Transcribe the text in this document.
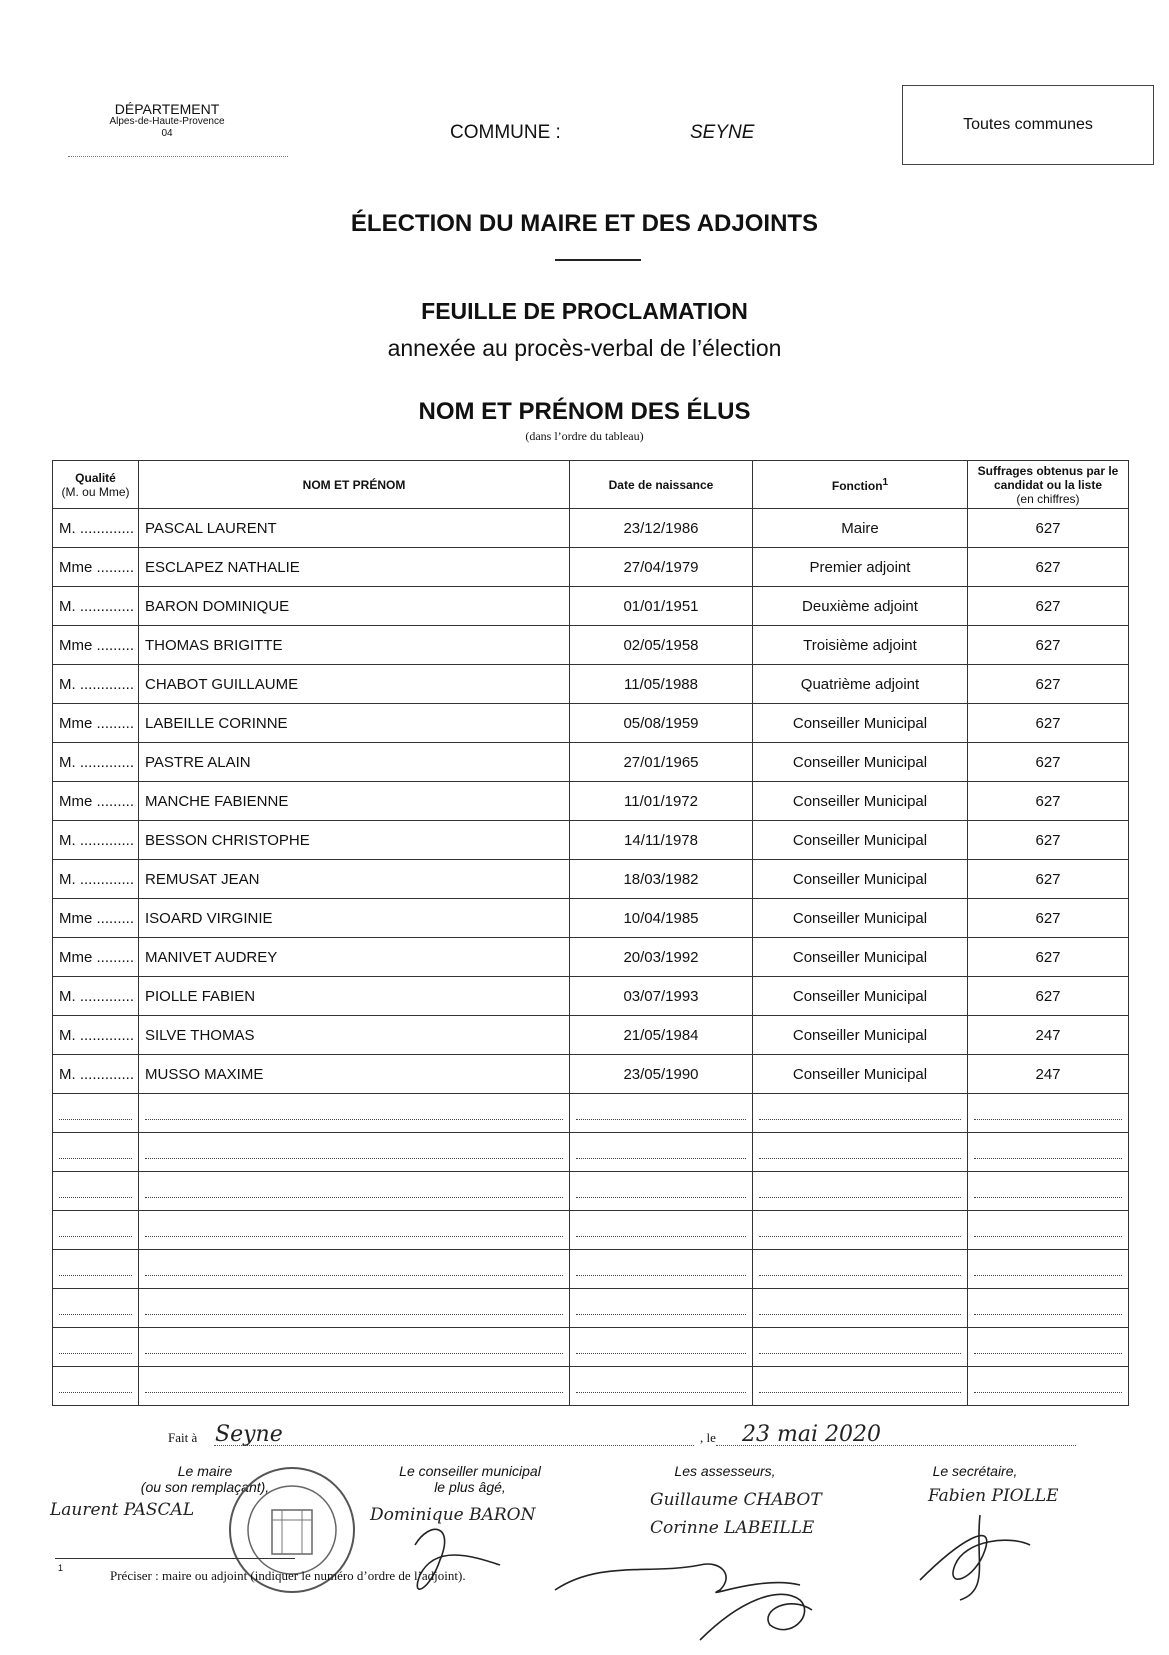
DÉPARTEMENT
Alpes-de-Haute-Provence
04	COMMUNE :	SEYNE	Toutes communes
ÉLECTION DU MAIRE ET DES ADJOINTS
FEUILLE DE PROCLAMATION
annexée au procès-verbal de l’élection
NOM ET PRÉNOM DES ÉLUS
(dans l’ordre du tableau)
Qualité
(M. ou Mme)	NOM ET PRÉNOM	Date de naissance	Fonction$^1$	Suffrages obtenus par le candidat ou la liste
(en chiffres)
M. .............	PASCAL LAURENT	23/12/1986	Maire	627
Mme .........	ESCLAPEZ NATHALIE	27/04/1979	Premier adjoint	627
M. .............	BARON DOMINIQUE	01/01/1951	Deuxième adjoint	627
Mme .........	THOMAS BRIGITTE	02/05/1958	Troisième adjoint	627
M. .............	CHABOT GUILLAUME	11/05/1988	Quatrième adjoint	627
Mme .........	LABEILLE CORINNE	05/08/1959	Conseiller Municipal	627
M. .............	PASTRE ALAIN	27/01/1965	Conseiller Municipal	627
Mme .........	MANCHE FABIENNE	11/01/1972	Conseiller Municipal	627
M. .............	BESSON CHRISTOPHE	14/11/1978	Conseiller Municipal	627
M. .............	REMUSAT JEAN	18/03/1982	Conseiller Municipal	627
Mme .........	ISOARD VIRGINIE	10/04/1985	Conseiller Municipal	627
Mme .........	MANIVET AUDREY	20/03/1992	Conseiller Municipal	627
M. .............	PIOLLE FABIEN	03/07/1993	Conseiller Municipal	627
M. .............	SILVE THOMAS	21/05/1984	Conseiller Municipal	247
M. .............	MUSSO MAXIME	23/05/1990	Conseiller Municipal	247

Fait à Seyne	, le 23 mai 2020
Le maire
(ou son remplaçant),
Le conseiller municipal
le plus âgé,
Les assesseurs,	Le secrétaire,
Laurent PASCAL	Dominique BARON
Guillaume CHABOT
Corinne LABEILLE
Fabien PIOLLE
1	Préciser : maire ou adjoint (indiquer le numéro d’ordre de l’adjoint).
